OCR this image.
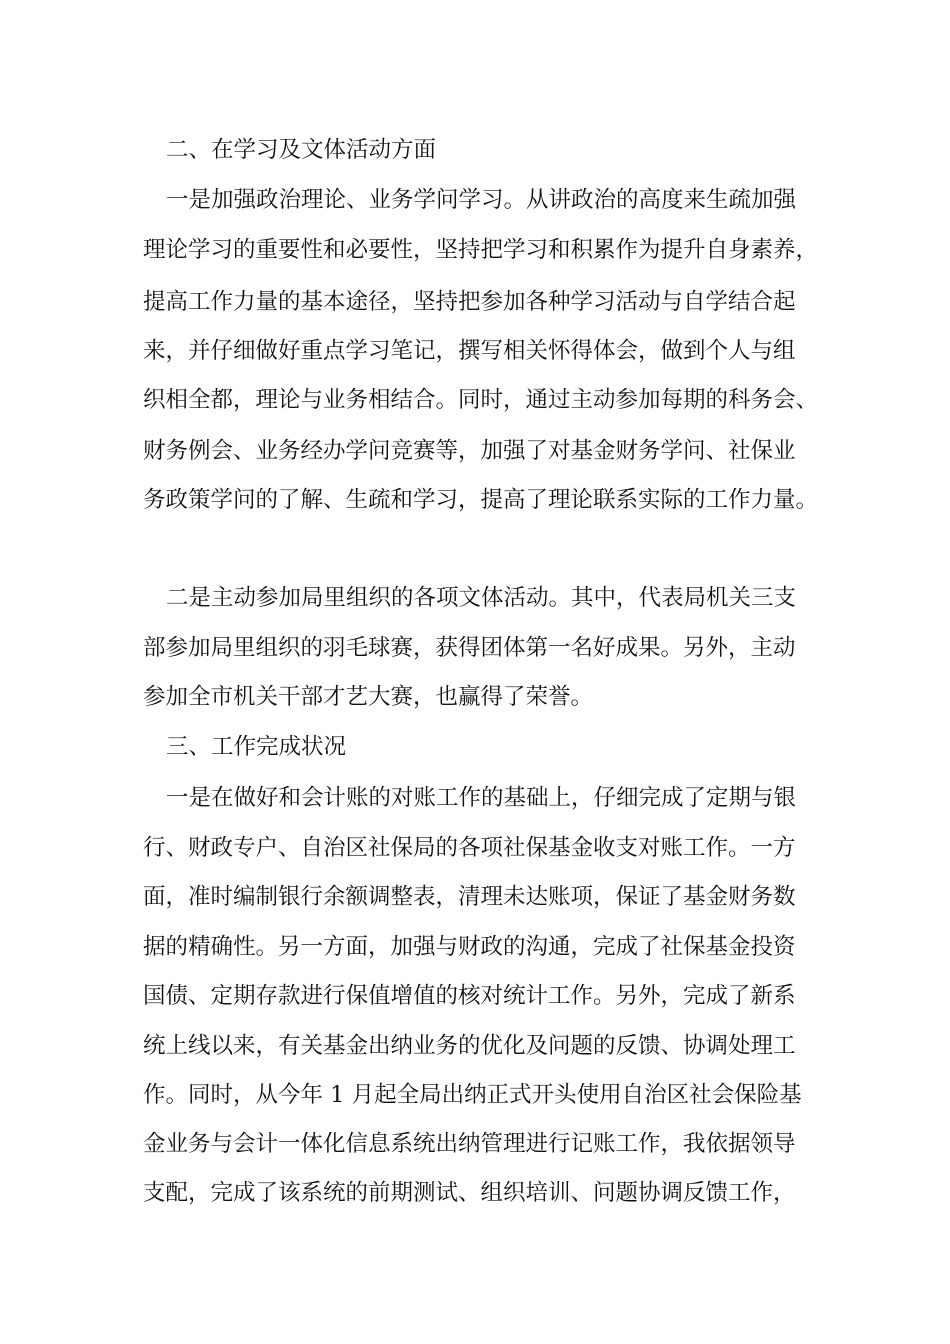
二、在学习及文体活动方面
一是加强政治理论、业务学问学习。从讲政治的高度来生疏加强
理论学习的重要性和必要性，坚持把学习和积累作为提升自身素养，
提高工作力量的基本途径，坚持把参加各种学习活动与自学结合起
来，并仔细做好重点学习笔记，撰写相关怀得体会，做到个人与组
织相全都，理论与业务相结合。同时，通过主动参加每期的科务会、
财务例会、业务经办学问竞赛等，加强了对基金财务学问、社保业
务政策学问的了解、生疏和学习，提高了理论联系实际的工作力量。
二是主动参加局里组织的各项文体活动。其中，代表局机关三支
部参加局里组织的羽毛球赛，获得团体第一名好成果。另外，主动
参加全市机关干部才艺大赛，也赢得了荣誉。
三、工作完成状况
一是在做好和会计账的对账工作的基础上，仔细完成了定期与银
行、财政专户、自治区社保局的各项社保基金收支对账工作。一方
面，准时编制银行余额调整表，清理未达账项，保证了基金财务数
据的精确性。另一方面，加强与财政的沟通，完成了社保基金投资
国债、定期存款进行保值增值的核对统计工作。另外，完成了新系
统上线以来，有关基金出纳业务的优化及问题的反馈、协调处理工
作。同时，从今年 1 月起全局出纳正式开头使用自治区社会保险基
金业务与会计一体化信息系统出纳管理进行记账工作，我依据领导
支配，完成了该系统的前期测试、组织培训、问题协调反馈工作，
